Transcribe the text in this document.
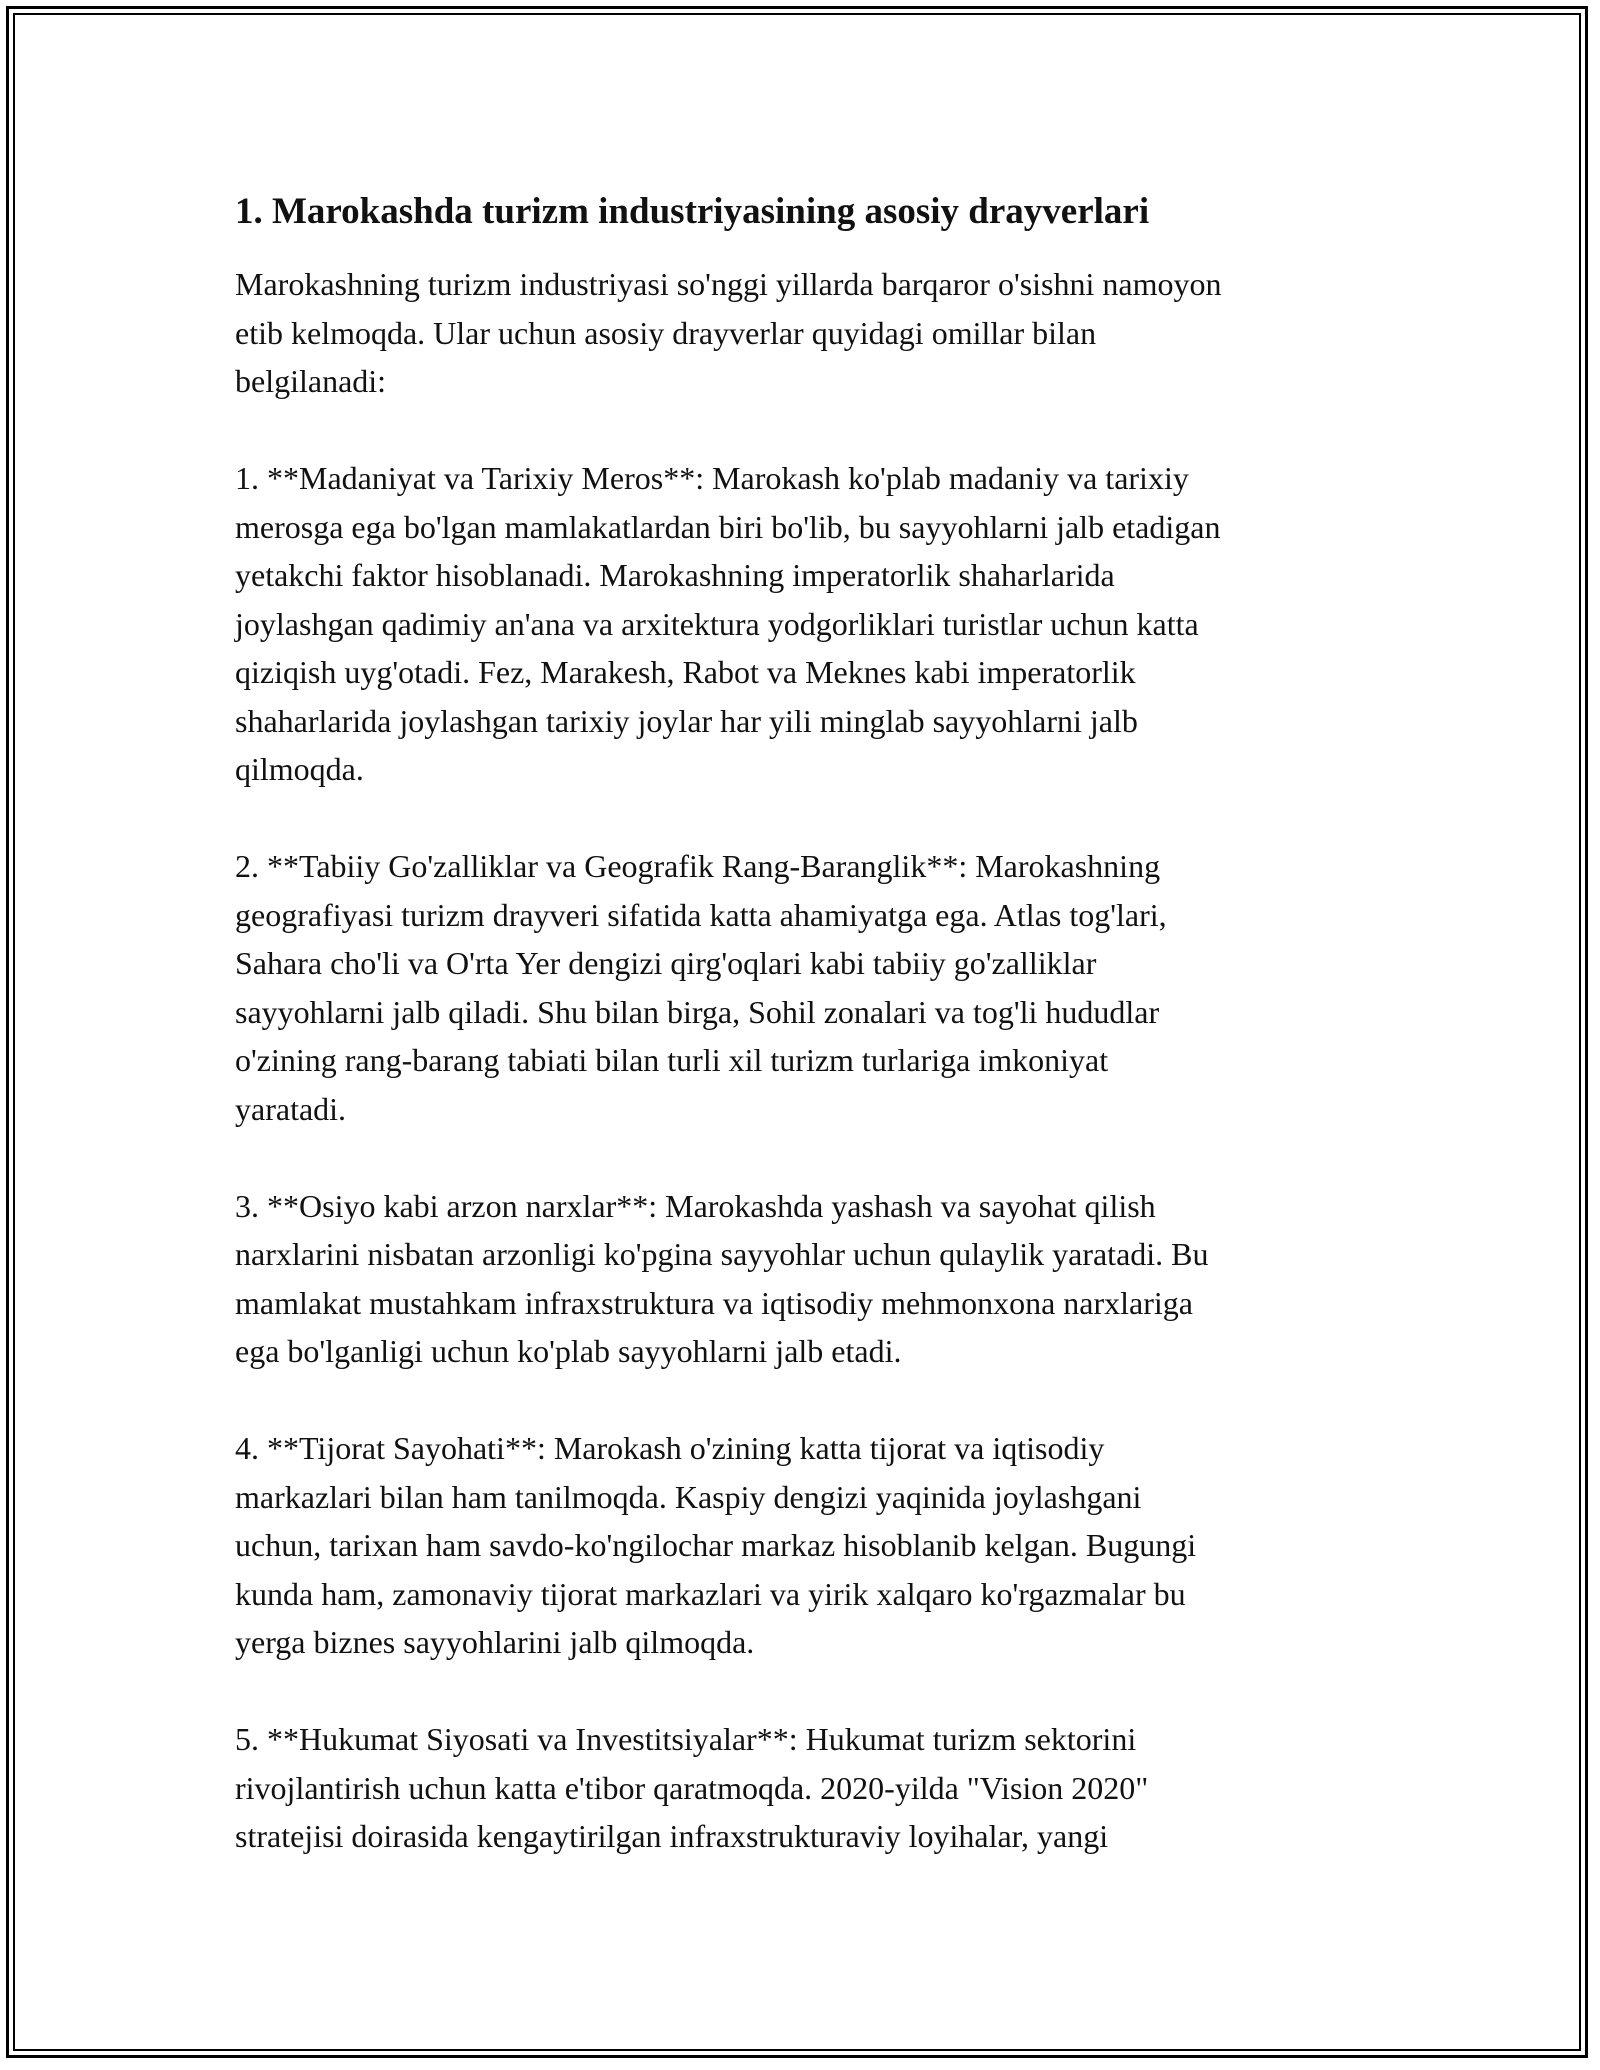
1. Marokashda turizm industriyasining asosiy drayverlari

Marokashning turizm industriyasi so'nggi yillarda barqaror o'sishni namoyon
etib kelmoqda. Ular uchun asosiy drayverlar quyidagi omillar bilan
belgilanadi:

1. **Madaniyat va Tarixiy Meros**: Marokash ko'plab madaniy va tarixiy
merosga ega bo'lgan mamlakatlardan biri bo'lib, bu sayyohlarni jalb etadigan
yetakchi faktor hisoblanadi. Marokashning imperatorlik shaharlarida
joylashgan qadimiy an'ana va arxitektura yodgorliklari turistlar uchun katta
qiziqish uyg'otadi. Fez, Marakesh, Rabot va Meknes kabi imperatorlik
shaharlarida joylashgan tarixiy joylar har yili minglab sayyohlarni jalb
qilmoqda.

2. **Tabiiy Go'zalliklar va Geografik Rang-Baranglik**: Marokashning
geografiyasi turizm drayveri sifatida katta ahamiyatga ega. Atlas tog'lari,
Sahara cho'li va O'rta Yer dengizi qirg'oqlari kabi tabiiy go'zalliklar
sayyohlarni jalb qiladi. Shu bilan birga, Sohil zonalari va tog'li hududlar
o'zining rang-barang tabiati bilan turli xil turizm turlariga imkoniyat
yaratadi.

3. **Osiyo kabi arzon narxlar**: Marokashda yashash va sayohat qilish
narxlarini nisbatan arzonligi ko'pgina sayyohlar uchun qulaylik yaratadi. Bu
mamlakat mustahkam infraxstruktura va iqtisodiy mehmonxona narxlariga
ega bo'lganligi uchun ko'plab sayyohlarni jalb etadi.

4. **Tijorat Sayohati**: Marokash o'zining katta tijorat va iqtisodiy
markazlari bilan ham tanilmoqda. Kaspiy dengizi yaqinida joylashgani
uchun, tarixan ham savdo-ko'ngilochar markaz hisoblanib kelgan. Bugungi
kunda ham, zamonaviy tijorat markazlari va yirik xalqaro ko'rgazmalar bu
yerga biznes sayyohlarini jalb qilmoqda.

5. **Hukumat Siyosati va Investitsiyalar**: Hukumat turizm sektorini
rivojlantirish uchun katta e'tibor qaratmoqda. 2020-yilda "Vision 2020"
stratejisi doirasida kengaytirilgan infraxstrukturaviy loyihalar, yangi
